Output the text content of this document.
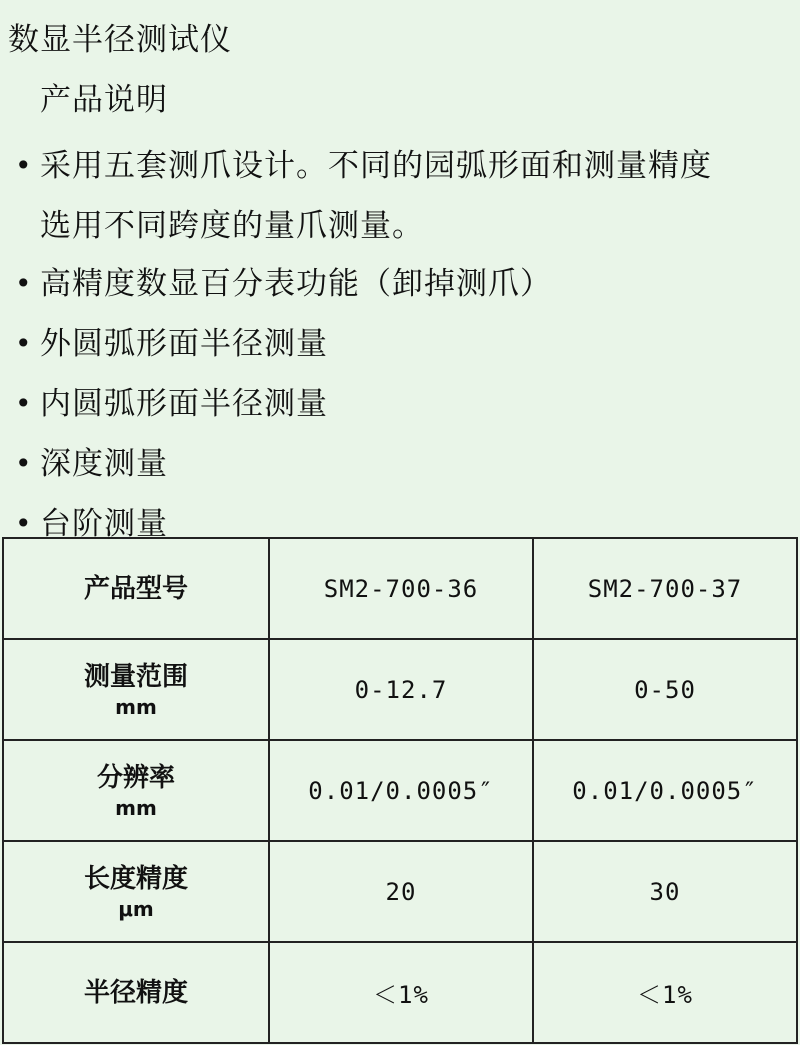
数显半径测试仪
产品说明
• 采用五套测爪设计。不同的园弧形面和测量精度
选用不同跨度的量爪测量。
• 高精度数显百分表功能（卸掉测爪）
• 外圆弧形面半径测量
• 内圆弧形面半径测量
• 深度测量
• 台阶测量
产品型号	SM2-700-36	SM2-700-37

测量范围
mm	0-12.7	0-50

分辨率
mm	0.01/0.0005″	0.01/0.0005″

长度精度
μm	20	30

半径精度	＜1%	＜1%
